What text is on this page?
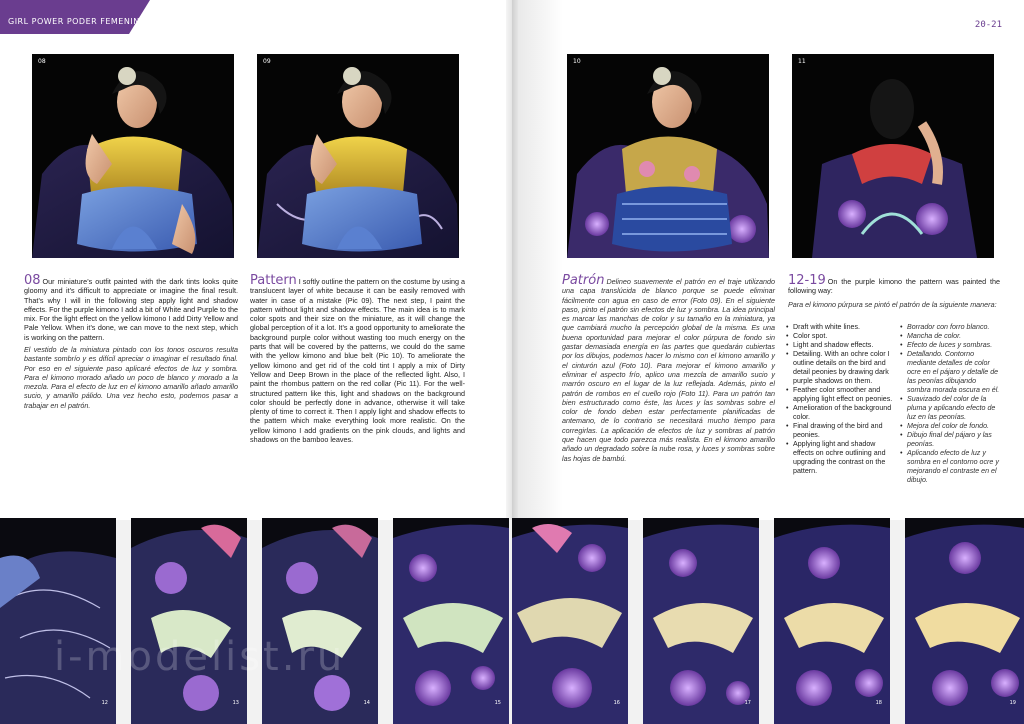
GIRL POWER PODER FEMENINO	20-21
08	09	10	11

08 Our miniature’s outfit painted with the dark tints looks quite gloomy and it’s difficult to appreciate or imagine the final result. That’s why I will in the following step apply light and shadow effects. For the purple kimono I add a bit of White and Purple to the mix. For the light effect on the yellow kimono I add Dirty Yellow and Pale Yellow. When it’s done, we can move to the next step, which is working on the pattern.

El vestido de la miniatura pintado con los tonos oscuros resulta bastante sombrío y es difícil apreciar o imaginar el resultado final. Por eso en el siguiente paso aplicaré efectos de luz y sombra. Para el kimono morado añado un poco de blanco y morado a la mezcla. Para el efecto de luz en el kimono amarillo añado amarillo sucio, y amarillo pálido. Una vez hecho esto, podemos pasar a trabajar en el patrón.

Pattern I softly outline the pattern on the costume by using a translucent layer of white because it can be easily removed with water in case of a mistake (Pic 09). The next step, I paint the pattern without light and shadow effects. The main idea is to mark color spots and their size on the miniature, as it will change the global perception of it a lot. It’s a good opportunity to ameliorate the background purple color without wasting too much energy on the parts that will be covered by the patterns, we could do the same with the yellow kimono and blue belt (Pic 10). To ameliorate the yellow kimono and get rid of the cold tint I apply a mix of Dirty Yellow and Deep Brown in the place of the reflected light. Also, I paint the rhombus pattern on the red collar (Pic 11). For the well-structured pattern like this, light and shadows on the background color should be perfectly done in advance, otherwise it will take plenty of time to correct it. Then I apply light and shadow effects to the pattern which make everything look more realistic. On the yellow kimono I add gradients on the pink clouds, and lights and shadows on the bamboo leaves.

Patrón Delineo suavemente el patrón en el traje utilizando una capa translúcida de blanco porque se puede eliminar fácilmente con agua en caso de error (Foto 09). En el siguiente paso, pinto el patrón sin efectos de luz y sombra. La idea principal es marcar las manchas de color y su tamaño en la miniatura, ya que cambiará mucho la percepción global de la misma. Es una buena oportunidad para mejorar el color púrpura de fondo sin gastar demasiada energía en las partes que quedarán cubiertas por los dibujos, podemos hacer lo mismo con el kimono amarillo y el cinturón azul (Foto 10). Para mejorar el kimono amarillo y eliminar el aspecto frío, aplico una mezcla de amarillo sucio y marrón oscuro en el lugar de la luz reflejada. Además, pinto el patrón de rombos en el cuello rojo (Foto 11). Para un patrón tan bien estructurado como éste, las luces y las sombras sobre el color de fondo deben estar perfectamente planificadas de antemano, de lo contrario se necesitará mucho tiempo para corregirlas. La aplicación de efectos de luz y sombras al patrón que hacen que todo parezca más realista. En el kimono amarillo añado un degradado sobre la nube rosa, y luces y sombras sobre las hojas de bambú.

12-19 On the purple kimono the pattern was painted the following way:

Para el kimono púrpura se pintó el patrón de la siguiente manera:

• Draft with white lines.
• Color spot.
• Light and shadow effects.
• Detailing. With an ochre color I outline details on the bird and detail peonies by drawing dark purple shadows on them.
• Feather color smoother and applying light effect on peonies.
• Amelioration of the background color.
• Final drawing of the bird and peonies.
• Applying light and shadow effects on ochre outlining and upgrading the contrast on the pattern.
• Borrador con forro blanco.
• Mancha de color.
• Efecto de luces y sombras.
• Detallando. Contorno mediante detalles de color ocre en el pájaro y detalle de las peonías dibujando sombra morada oscura en él.
• Suavizado del color de la pluma y aplicando efecto de luz en las peonías.
• Mejora del color de fondo.
• Dibujo final del pájaro y las peonías.
• Aplicando efecto de luz y sombra en el contorno ocre y mejorando el contraste en el dibujo.
12	13	14	15	16	17	18	19
i-modelist.ru
